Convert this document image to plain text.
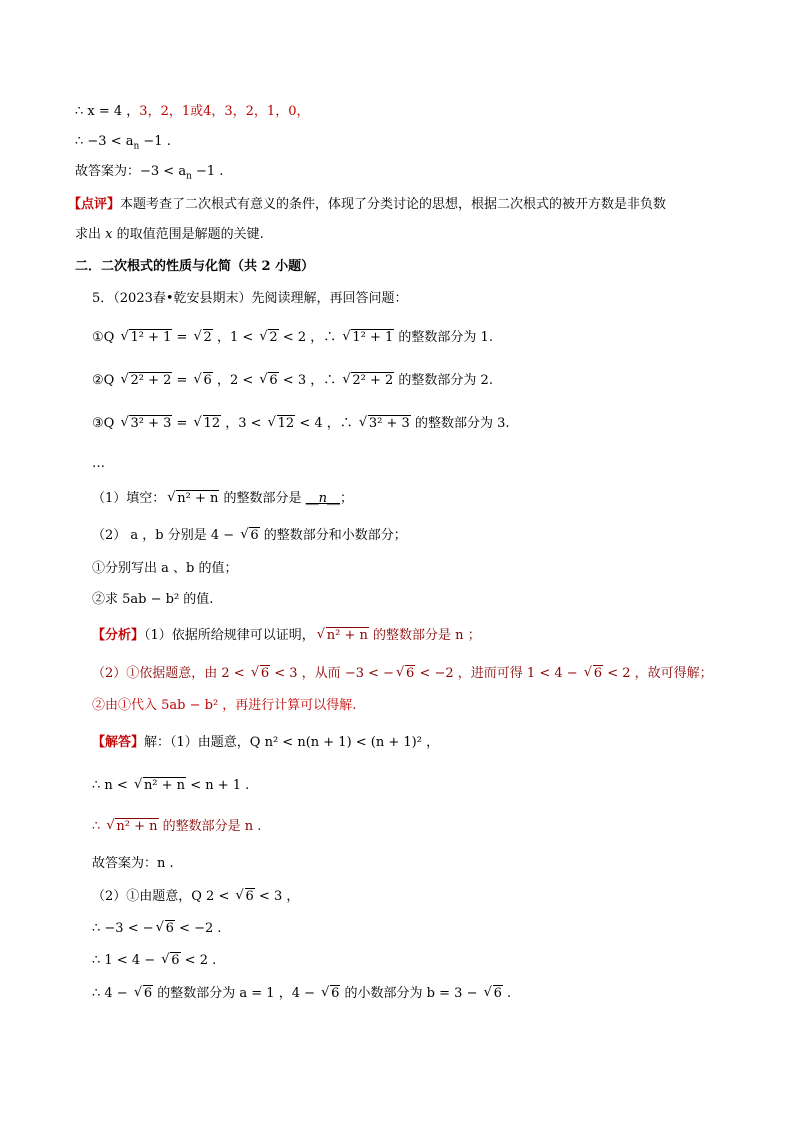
∴ x = 4 ，3，2，1或4，3，2，1，0，
∴ $-3 < a_n -1$ .
故答案为：$-3 < a_n -1$ .
【点评】本题考查了二次根式有意义的条件，体现了分类讨论的思想，根据二次根式的被开方数是非负数
求出 x 的取值范围是解题的关键.
二．二次根式的性质与化简（共 2 小题）
5．（2023春•乾安县期末）先阅读理解，再回答问题：
①Q √ 1² + 1 = √ 2 ，1 < √ 2 < 2 ，∴ √ 1² + 1 的整数部分为 1.
②Q √ 2² + 2 = √ 6 ，2 < √ 6 < 3 ，∴ √ 2² + 2 的整数部分为 2.
③Q √ 3² + 3 = √ 12 ，3 < √ 12 < 4 ，∴ √ 3² + 3 的整数部分为 3.
…
（1）填空： √ n² + n 的整数部分是 __n__；
（2） a ，b 分别是 4 − √ 6 的整数部分和小数部分；
①分别写出 a 、b 的值；
②求 5ab − b² 的值.
【分析】（1）依据所给规律可以证明， √ n² + n 的整数部分是 n ；
（2）①依据题意，由 2 < √ 6 < 3 ，从而 −3 < − √ 6 < −2 ，进而可得 1 < 4 − √ 6 < 2 ，故可得解；
②由①代入 5ab − b² ，再进行计算可以得解.
【解答】解：（1）由题意，Q n² < n(n + 1) < (n + 1)² ，
∴ n < √ n² + n < n + 1 .
∴ √ n² + n 的整数部分是 n .
故答案为：n .
（2）①由题意，Q 2 < √ 6 < 3 ，
∴ −3 < − √ 6 < −2 .
∴ 1 < 4 − √ 6 < 2 .
∴ 4 − √ 6 的整数部分为 a = 1 ，4 − √ 6 的小数部分为 b = 3 − √ 6 .
